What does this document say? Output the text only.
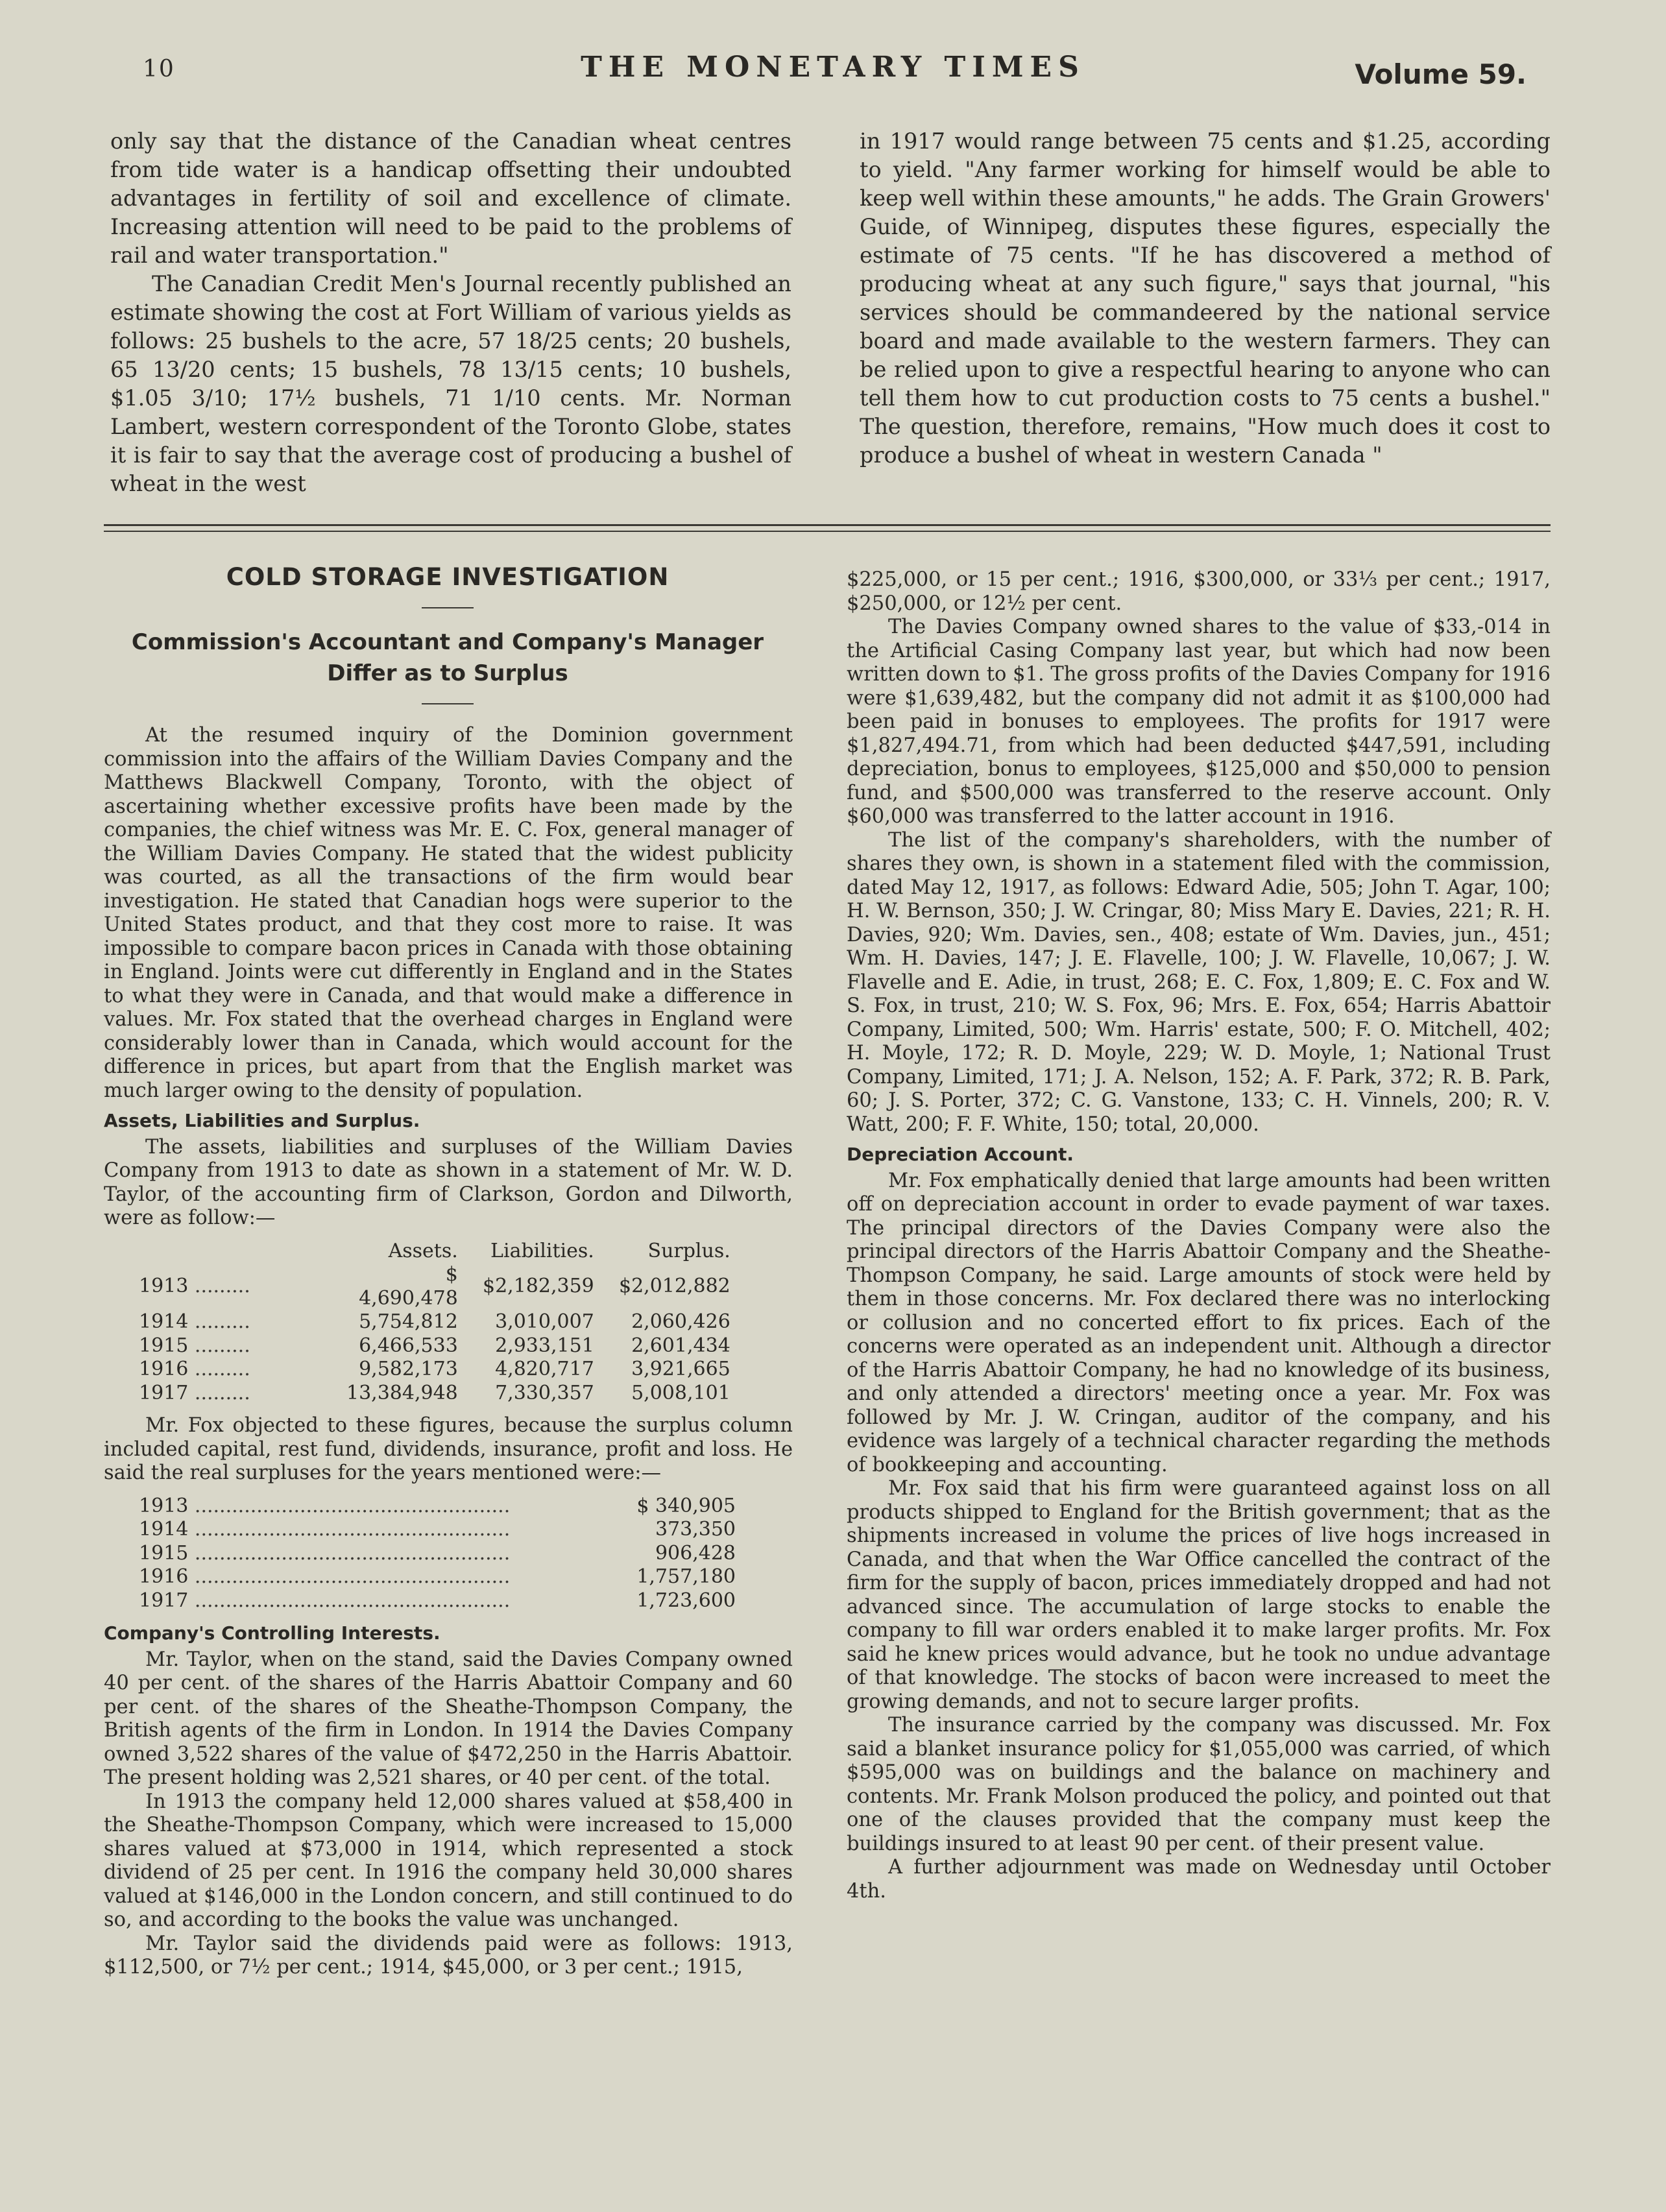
10	THE MONETARY TIMES	Volume 59.

only say that the distance of the Canadian wheat centres from tide water is a handicap offsetting their undoubted advantages in fertility of soil and excellence of climate. Increasing attention will need to be paid to the problems of rail and water transportation."

The Canadian Credit Men's Journal recently published an estimate showing the cost at Fort William of various yields as follows: 25 bushels to the acre, 57 18/25 cents; 20 bushels, 65 13/20 cents; 15 bushels, 78 13/15 cents; 10 bushels, $1.05 3/10; 17½ bushels, 71 1/10 cents. Mr. Norman Lambert, western correspondent of the Toronto Globe, states it is fair to say that the average cost of producing a bushel of wheat in the west

in 1917 would range between 75 cents and $1.25, according to yield. "Any farmer working for himself would be able to keep well within these amounts," he adds. The Grain Growers' Guide, of Winnipeg, disputes these figures, especially the estimate of 75 cents. "If he has discovered a method of producing wheat at any such figure," says that journal, "his services should be commandeered by the national service board and made available to the western farmers. They can be relied upon to give a respectful hearing to anyone who can tell them how to cut production costs to 75 cents a bushel." The question, therefore, remains, "How much does it cost to produce a bushel of wheat in western Canada "

COLD STORAGE INVESTIGATION
Commission's Accountant and Company's Manager Differ as to Surplus

At the resumed inquiry of the Dominion government commission into the affairs of the William Davies Company and the Matthews Blackwell Company, Toronto, with the object of ascertaining whether excessive profits have been made by the companies, the chief witness was Mr. E. C. Fox, general manager of the William Davies Company. He stated that the widest publicity was courted, as all the transactions of the firm would bear investigation. He stated that Canadian hogs were superior to the United States product, and that they cost more to raise. It was impossible to compare bacon prices in Canada with those obtaining in England. Joints were cut differently in England and in the States to what they were in Canada, and that would make a difference in values. Mr. Fox stated that the overhead charges in England were considerably lower than in Canada, which would account for the difference in prices, but apart from that the English market was much larger owing to the density of population.

Assets, Liabilities and Surplus.

The assets, liabilities and surpluses of the William Davies Company from 1913 to date as shown in a statement of Mr. W. D. Taylor, of the accounting firm of Clarkson, Gordon and Dilworth, were as follow:—

	Assets.	Liabilities.	Surplus.
1913 .........	$ 4,690,478	$2,182,359	$2,012,882
1914 .........	5,754,812	3,010,007	2,060,426
1915 .........	6,466,533	2,933,151	2,601,434
1916 .........	9,582,173	4,820,717	3,921,665
1917 .........	13,384,948	7,330,357	5,008,101

Mr. Fox objected to these figures, because the surplus column included capital, rest fund, dividends, insurance, profit and loss. He said the real surpluses for the years mentioned were:—

1913 ...................................................	$ 340,905
1914 ...................................................	373,350
1915 ...................................................	906,428
1916 ...................................................	1,757,180
1917 ...................................................	1,723,600
Company's Controlling Interests.

Mr. Taylor, when on the stand, said the Davies Company owned 40 per cent. of the shares of the Harris Abattoir Company and 60 per cent. of the shares of the Sheathe-Thompson Company, the British agents of the firm in London. In 1914 the Davies Company owned 3,522 shares of the value of $472,250 in the Harris Abattoir. The present holding was 2,521 shares, or 40 per cent. of the total.

In 1913 the company held 12,000 shares valued at $58,400 in the Sheathe-Thompson Company, which were increased to 15,000 shares valued at $73,000 in 1914, which represented a stock dividend of 25 per cent. In 1916 the company held 30,000 shares valued at $146,000 in the London concern, and still continued to do so, and according to the books the value was unchanged.

Mr. Taylor said the dividends paid were as follows: 1913, $112,500, or 7½ per cent.; 1914, $45,000, or 3 per cent.; 1915,

$225,000, or 15 per cent.; 1916, $300,000, or 33⅓ per cent.; 1917, $250,000, or 12½ per cent.

The Davies Company owned shares to the value of $33,-014 in the Artificial Casing Company last year, but which had now been written down to $1. The gross profits of the Davies Company for 1916 were $1,639,482, but the company did not admit it as $100,000 had been paid in bonuses to employees. The profits for 1917 were $1,827,494.71, from which had been deducted $447,591, including depreciation, bonus to employees, $125,000 and $50,000 to pension fund, and $500,000 was transferred to the reserve account. Only $60,000 was transferred to the latter account in 1916.

The list of the company's shareholders, with the number of shares they own, is shown in a statement filed with the commission, dated May 12, 1917, as follows: Edward Adie, 505; John T. Agar, 100; H. W. Bernson, 350; J. W. Cringar, 80; Miss Mary E. Davies, 221; R. H. Davies, 920; Wm. Davies, sen., 408; estate of Wm. Davies, jun., 451; Wm. H. Davies, 147; J. E. Flavelle, 100; J. W. Flavelle, 10,067; J. W. Flavelle and E. Adie, in trust, 268; E. C. Fox, 1,809; E. C. Fox and W. S. Fox, in trust, 210; W. S. Fox, 96; Mrs. E. Fox, 654; Harris Abattoir Company, Limited, 500; Wm. Harris' estate, 500; F. O. Mitchell, 402; H. Moyle, 172; R. D. Moyle, 229; W. D. Moyle, 1; National Trust Company, Limited, 171; J. A. Nelson, 152; A. F. Park, 372; R. B. Park, 60; J. S. Porter, 372; C. G. Vanstone, 133; C. H. Vinnels, 200; R. V. Watt, 200; F. F. White, 150; total, 20,000.

Depreciation Account.

Mr. Fox emphatically denied that large amounts had been written off on depreciation account in order to evade payment of war taxes. The principal directors of the Davies Company were also the principal directors of the Harris Abattoir Company and the Sheathe-Thompson Company, he said. Large amounts of stock were held by them in those concerns. Mr. Fox declared there was no interlocking or collusion and no concerted effort to fix prices. Each of the concerns were operated as an independent unit. Although a director of the Harris Abattoir Company, he had no knowledge of its business, and only attended a directors' meeting once a year. Mr. Fox was followed by Mr. J. W. Cringan, auditor of the company, and his evidence was largely of a technical character regarding the methods of bookkeeping and accounting.

Mr. Fox said that his firm were guaranteed against loss on all products shipped to England for the British government; that as the shipments increased in volume the prices of live hogs increased in Canada, and that when the War Office cancelled the contract of the firm for the supply of bacon, prices immediately dropped and had not advanced since. The accumulation of large stocks to enable the company to fill war orders enabled it to make larger profits. Mr. Fox said he knew prices would advance, but he took no undue advantage of that knowledge. The stocks of bacon were increased to meet the growing demands, and not to secure larger profits.

The insurance carried by the company was discussed. Mr. Fox said a blanket insurance policy for $1,055,000 was carried, of which $595,000 was on buildings and the balance on machinery and contents. Mr. Frank Molson produced the policy, and pointed out that one of the clauses provided that the company must keep the buildings insured to at least 90 per cent. of their present value.

A further adjournment was made on Wednesday until October 4th.
